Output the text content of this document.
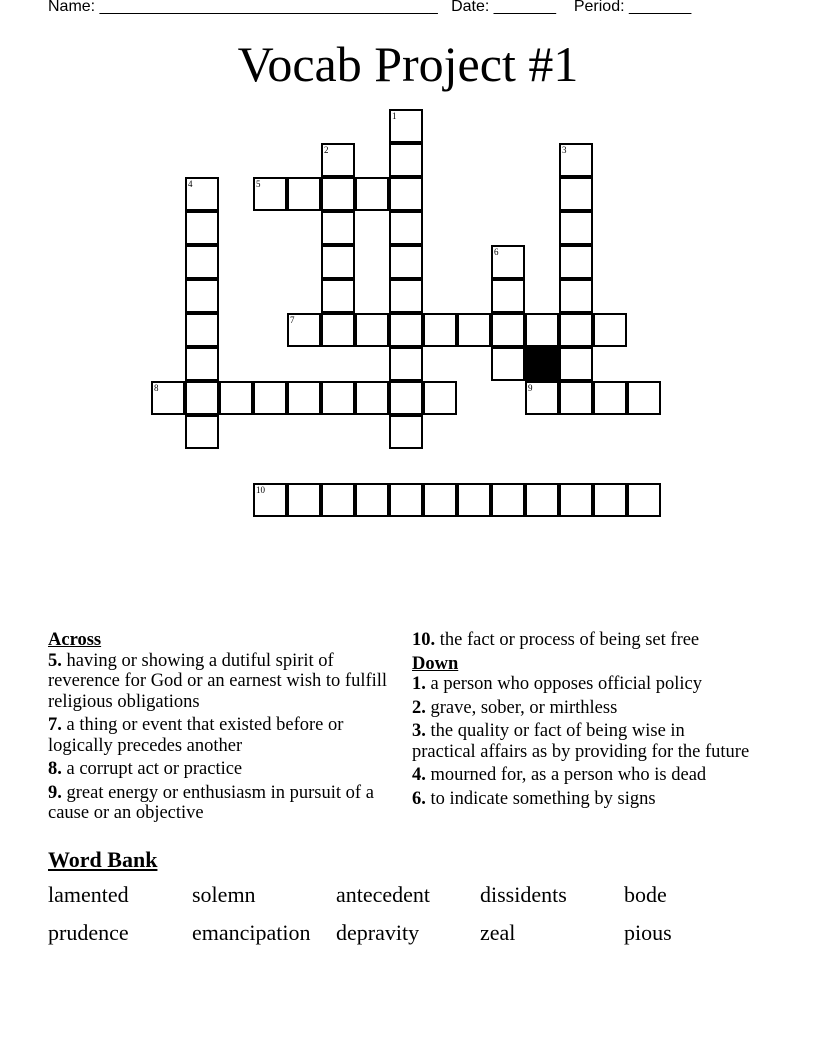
Name: ______________________________________ Date: _______ Period: _______
Vocab Project #1
1
2	3
4	5
6
7
8	9
10
Across
5. having or showing a dutiful spirit of reverence for God or an earnest wish to fulfill religious obligations
7. a thing or event that existed before or logically precedes another
8. a corrupt act or practice
9. great energy or enthusiasm in pursuit of a cause or an objective
10. the fact or process of being set free
Down
1. a person who opposes official policy
2. grave, sober, or mirthless
3. the quality or fact of being wise in practical affairs as by providing for the future
4. mourned for, as a person who is dead
6. to indicate something by signs
Word Bank
lamented	solemn	antecedent	dissidents	bode
prudence	emancipation	depravity	zeal	pious
